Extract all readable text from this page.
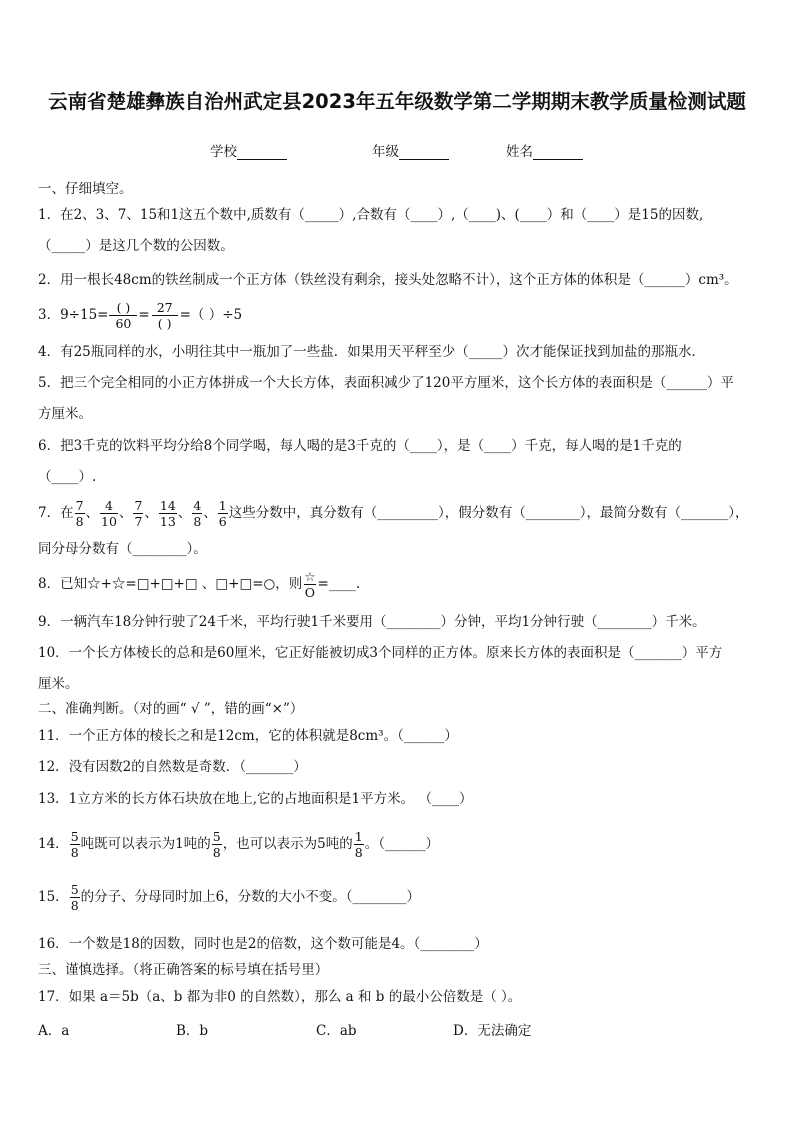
云南省楚雄彝族自治州武定县2023年五年级数学第二学期期末教学质量检测试题
学校	年级	姓名
一、仔细填空。
1．在2、3、7、15和1这五个数中,质数有（_____）,合数有（____）,（____)、(____）和（____）是15的因数,
（_____）是这几个数的公因数。
2．用一根长48cm的铁丝制成一个正方体（铁丝没有剩余，接头处忽略不计），这个正方体的体积是（______）cm³。
3．$9\div 15= \frac{( )}{60} = \frac{27}{( )}$ =（ ）÷5
4．有25瓶同样的水，小明往其中一瓶加了一些盐．如果用天平秤至少（_____）次才能保证找到加盐的那瓶水．
5．把三个完全相同的小正方体拼成一个大长方体，表面积减少了120平方厘米，这个长方体的表面积是（______）平
方厘米。
6．把3千克的饮料平均分给8个同学喝，每人喝的是3千克的（____），是（____）千克，每人喝的是1千克的
（____）.
7．在 $\frac{7}{8}$ 、 $\frac{4}{10}$ 、 $\frac{7}{7}$ 、 $\frac{14}{13}$ 、 $\frac{4}{8}$ 、 $\frac{1}{6}$ 这些分数中，真分数有（_________），假分数有（________），最简分数有（_______），
同分母分数有（________）。
8．已知☆+☆=□+□+□ 、□+□=○，则 $\frac{☆}{O}$ =____.
9．一辆汽车18分钟行驶了24千米，平均行驶1千米要用（________）分钟，平均1分钟行驶（________）千米。
10．一个长方体棱长的总和是60厘米，它正好能被切成3个同样的正方体。原来长方体的表面积是（_______）平方
厘米。
二、准确判断。（对的画“ √ ”，错的画“×”）
11．一个正方体的棱长之和是12cm，它的体积就是8cm³。（______）
12．没有因数2的自然数是奇数．（_______）
13．1立方米的长方体石块放在地上,它的占地面积是1平方米。 （____）
14． $\frac{5}{8}$ 吨既可以表示为1吨的 $\frac{5}{8}$ ，也可以表示为5吨的 $\frac{1}{8}$ 。（______）
15． $\frac{5}{8}$ 的分子、分母同时加上6，分数的大小不变。（________）
16．一个数是18的因数，同时也是2的倍数，这个数可能是4。（________）
三、谨慎选择。（将正确答案的标号填在括号里）
17．如果 a＝5b（a、b 都为非0 的自然数），那么 a 和 b 的最小公倍数是（ ）。
A．a	B．b	C．ab	D．无法确定
